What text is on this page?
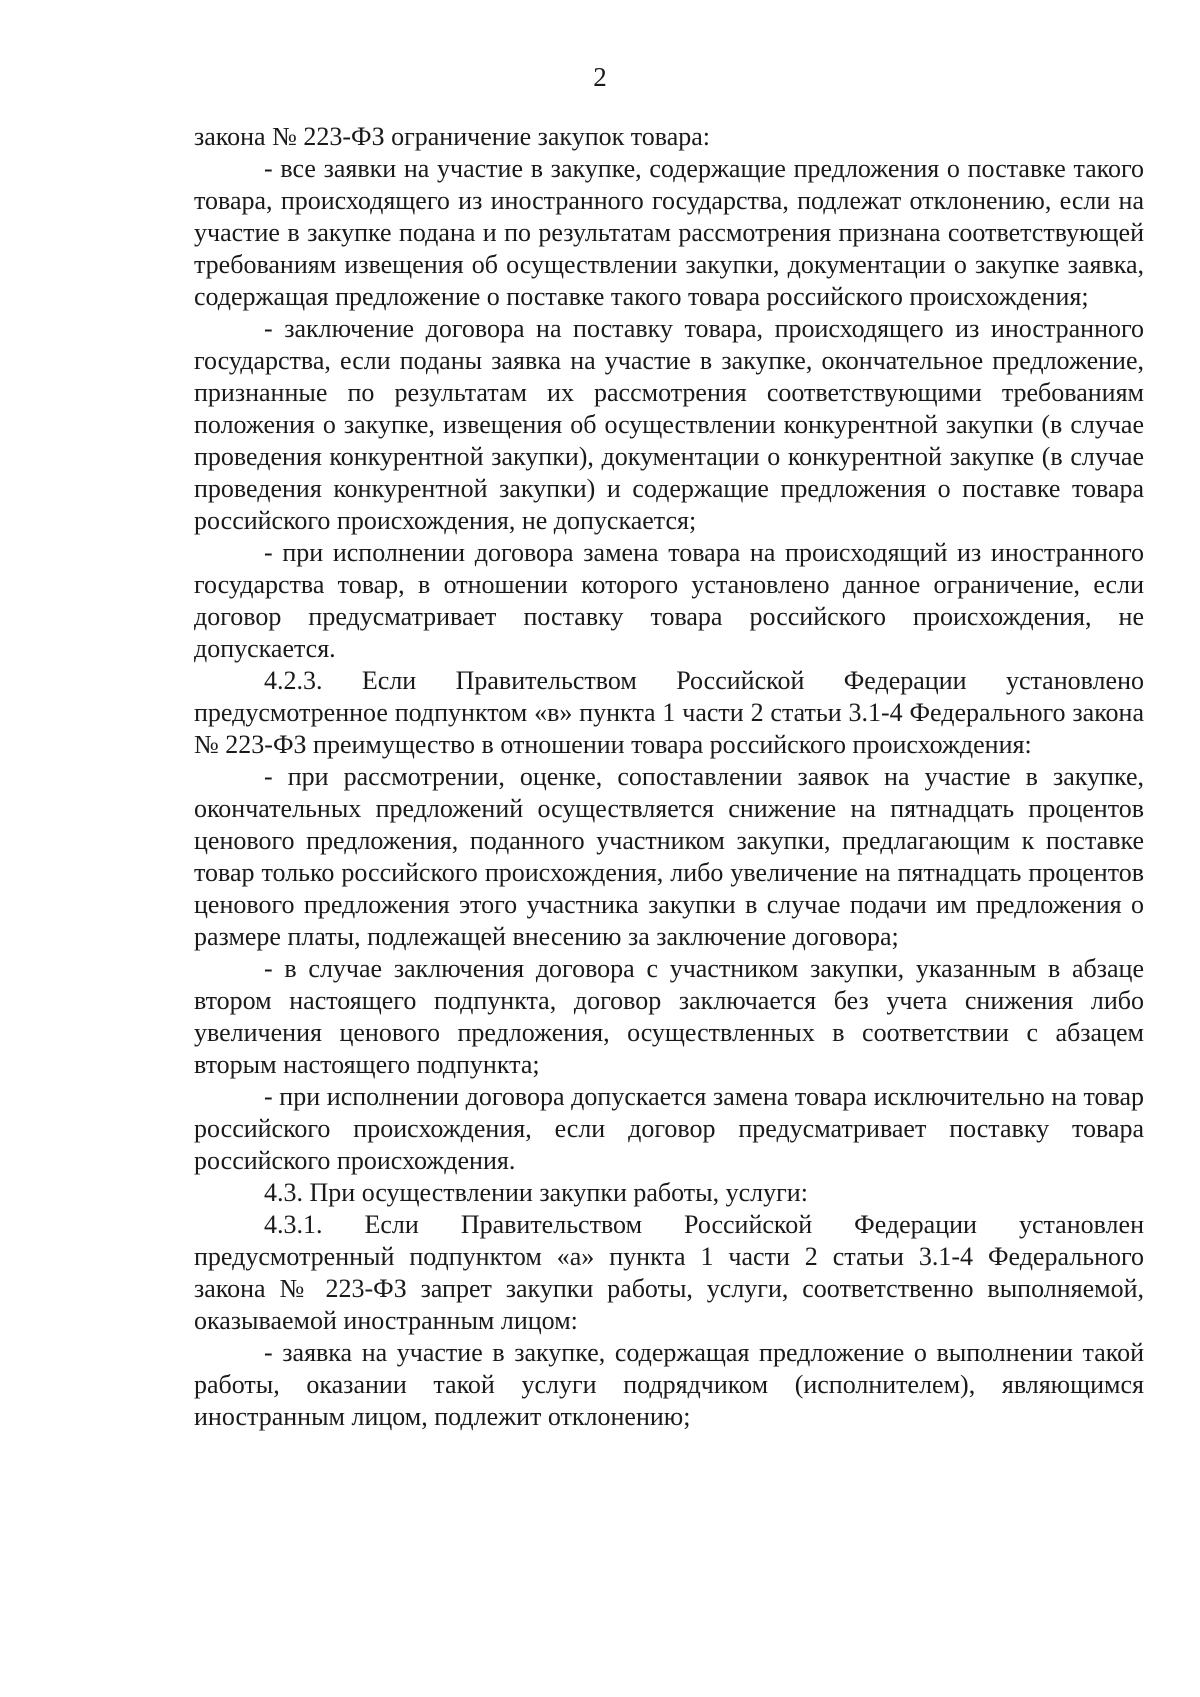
2

закона № 223-ФЗ ограничение закупок товара:

- все заявки на участие в закупке, содержащие предложения о поставке такого товара, происходящего из иностранного государства, подлежат отклонению, если на участие в закупке подана и по результатам рассмотрения признана соответствующей требованиям извещения об осуществлении закупки, документации о закупке заявка, содержащая предложение о поставке такого товара российского происхождения;

- заключение договора на поставку товара, происходящего из иностранного государства, если поданы заявка на участие в закупке, окончательное предложение, признанные по результатам их рассмотрения соответствующими требованиям положения о закупке, извещения об осуществлении конкурентной закупки (в случае проведения конкурентной закупки), документации о конкурентной закупке (в случае проведения конкурентной закупки) и содержащие предложения о поставке товара российского происхождения, не допускается;

- при исполнении договора замена товара на происходящий из иностранного государства товар, в отношении которого установлено данное ограничение, если договор предусматривает поставку товара российского происхождения, не допускается.

4.2.3. Если Правительством Российской Федерации установлено предусмотренное подпунктом «в» пункта 1 части 2 статьи 3.1-4 Федерального закона № 223-ФЗ преимущество в отношении товара российского происхождения:

- при рассмотрении, оценке, сопоставлении заявок на участие в закупке, окончательных предложений осуществляется снижение на пятнадцать процентов ценового предложения, поданного участником закупки, предлагающим к поставке товар только российского происхождения, либо увеличение на пятнадцать процентов ценового предложения этого участника закупки в случае подачи им предложения о размере платы, подлежащей внесению за заключение договора;

- в случае заключения договора с участником закупки, указанным в абзаце втором настоящего подпункта, договор заключается без учета снижения либо увеличения ценового предложения, осуществленных в соответствии с абзацем вторым настоящего подпункта;

- при исполнении договора допускается замена товара исключительно на товар российского происхождения, если договор предусматривает поставку товара российского происхождения.

4.3. При осуществлении закупки работы, услуги:

4.3.1. Если Правительством Российской Федерации установлен предусмотренный подпунктом «а» пункта 1 части 2 статьи 3.1-4 Федерального закона № 223-ФЗ запрет закупки работы, услуги, соответственно выполняемой, оказываемой иностранным лицом:

- заявка на участие в закупке, содержащая предложение о выполнении такой работы, оказании такой услуги подрядчиком (исполнителем), являющимся иностранным лицом, подлежит отклонению;
